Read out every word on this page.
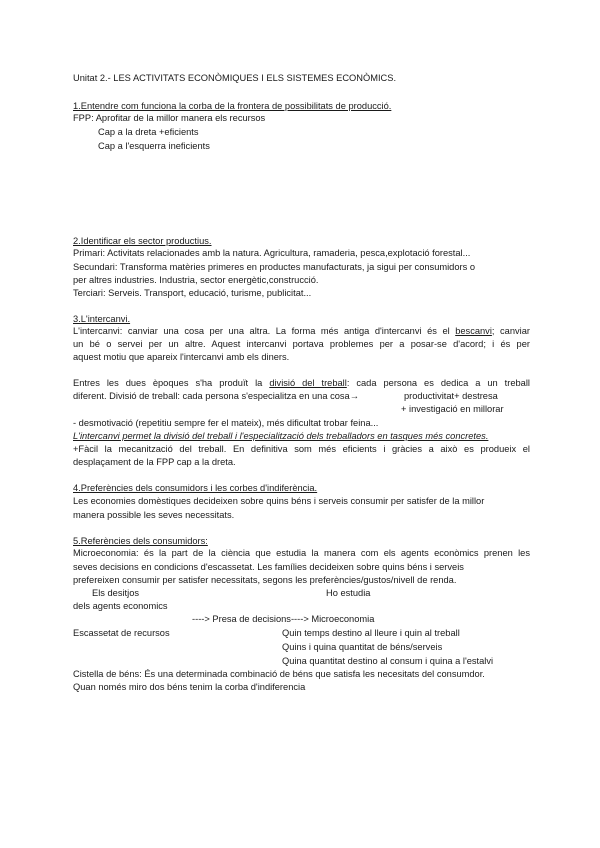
Unitat 2.- LES ACTIVITATS ECONÒMIQUES I ELS SISTEMES ECONÒMICS.
1.Entendre com funciona la corba de la frontera de possibilitats de producció.
FPP: Aprofitar de la millor manera els recursos
Cap a la dreta +eficients
Cap a l'esquerra ineficients
2.Identificar els sector productius.
Primari: Activitats relacionades amb la natura. Agricultura, ramaderia, pesca,explotació forestal...
Secundari: Transforma matèries primeres en productes manufacturats, ja sigui per consumidors o
per altres industries. Industria, sector energètic,construcció.
Terciari: Serveis. Transport, educació, turisme, publicitat...
3.L'intercanvi.
L'intercanvi: canviar una cosa per una altra. La forma més antiga d'intercanvi és el bescanvi; canviar
un bé o servei per un altre. Aquest intercanvi portava problemes per a posar-se d'acord; i és per
aquest motiu que apareix l'intercanvi amb els diners.
Entres les dues èpoques s'ha produït la divisió del treball: cada persona es dedica a un treball
diferent. Divisió de treball: cada persona s'especialitza en una cosa→	productivitat+ destresa
+ investigació en millorar
- desmotivació (repetitiu sempre fer el mateix), més dificultat trobar feina...
L'intercanvi permet la divisió del treball i l'especialització dels treballadors en tasques més concretes.
+Fàcil la mecanització del treball. En definitiva som més eficients i gràcies a això es produeix el
desplaçament de la FPP cap a la dreta.
4.Preferències dels consumidors i les corbes d'indiferència.
Les economies domèstiques decideixen sobre quins béns i serveis consumir per satisfer de la millor
manera possible les seves necessitats.
5.Referències dels consumidors:
Microeconomia: és la part de la ciència que estudia la manera com els agents econòmics prenen les
seves decisions en condicions d'escassetat. Les famílies decideixen sobre quins béns i serveis
prefereixen consumir per satisfer necessitats, segons les preferències/gustos/nivell de renda.
Els desitjos	Ho estudia
dels agents economics
----> Presa de decisions----> Microeconomia
Escassetat de recursos	Quin temps destino al lleure i quin al treball
Quins i quina quantitat de béns/serveis
Quina quantitat destino al consum i quina a l'estalvi
Cistella de béns: És una determinada combinació de béns que satisfa les necesitats del consumdor.
Quan només miro dos béns tenim la corba d'indiferencia
